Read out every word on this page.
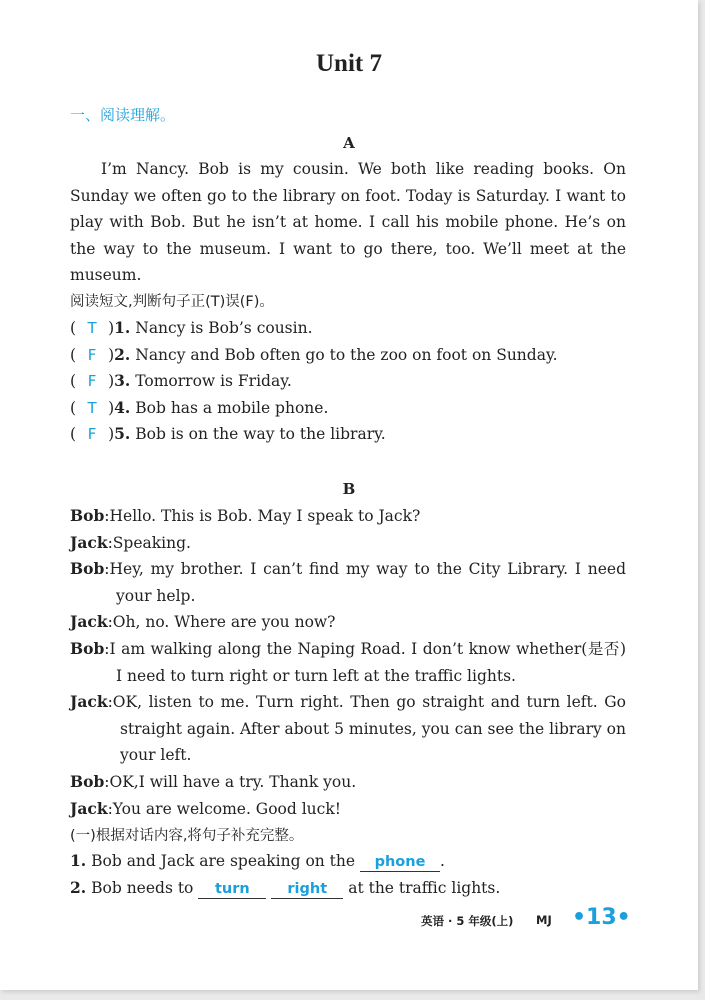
Unit 7
一、阅读理解。
A
I’m Nancy. Bob is my cousin. We both like reading books. On Sunday we often go to the library on foot. Today is Saturday. I want to play with Bob. But he isn’t at home. I call his mobile phone. He’s on the way to the museum. I want to go there, too. We’ll meet at the museum.
阅读短文,判断句子正(T)误(F)。
( T )1. Nancy is Bob’s cousin.
( F )2. Nancy and Bob often go to the zoo on foot on Sunday.
( F )3. Tomorrow is Friday.
( T )4. Bob has a mobile phone.
( F )5. Bob is on the way to the library.
B
Bob:Hello. This is Bob. May I speak to Jack?
Jack:Speaking.
Bob:Hey, my brother. I can’t find my way to the City Library. I need your help.
Jack:Oh, no. Where are you now?
Bob:I am walking along the Naping Road. I don’t know whether(是否) I need to turn right or turn left at the traffic lights.
Jack:OK, listen to me. Turn right. Then go straight and turn left. Go straight again. After about 5 minutes, you can see the library on your left.
Bob:OK,I will have a try. Thank you.
Jack:You are welcome. Good luck!
(一)根据对话内容,将句子补充完整。
1. Bob and Jack are speaking on the phone .
2. Bob needs to turn	right at the traffic lights.
英语 · 5 年级(上) MJ •13•
